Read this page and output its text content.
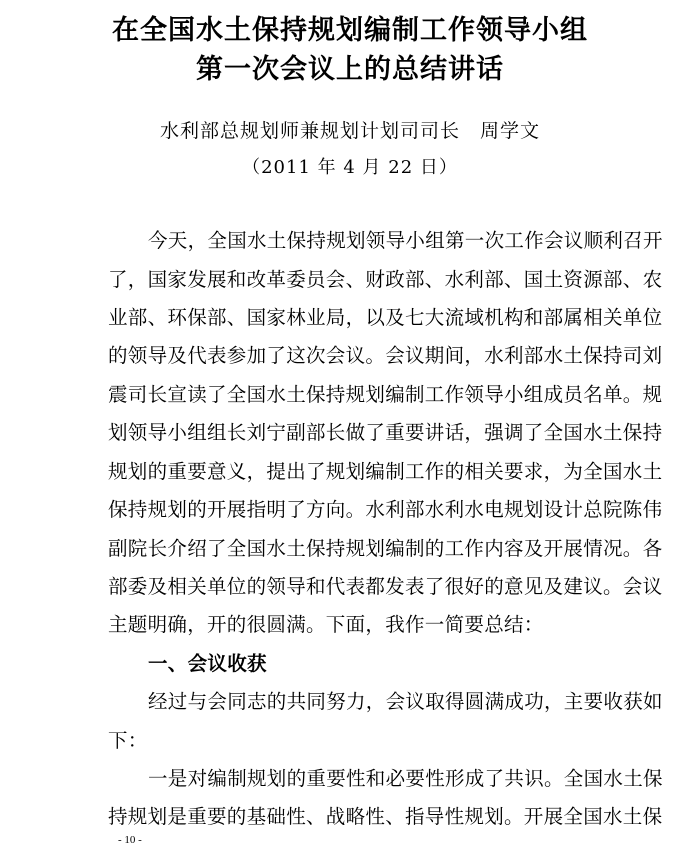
在全国水土保持规划编制工作领导小组
第一次会议上的总结讲话
水利部总规划师兼规划计划司司长　周学文
（2011 年 4 月 22 日）
今天，全国水土保持规划领导小组第一次工作会议顺利召开
了，国家发展和改革委员会、财政部、水利部、国土资源部、农
业部、环保部、国家林业局，以及七大流域机构和部属相关单位
的领导及代表参加了这次会议。会议期间，水利部水土保持司刘
震司长宣读了全国水土保持规划编制工作领导小组成员名单。规
划领导小组组长刘宁副部长做了重要讲话，强调了全国水土保持
规划的重要意义，提出了规划编制工作的相关要求，为全国水土
保持规划的开展指明了方向。水利部水利水电规划设计总院陈伟
副院长介绍了全国水土保持规划编制的工作内容及开展情况。各
部委及相关单位的领导和代表都发表了很好的意见及建议。会议
主题明确，开的很圆满。下面，我作一简要总结：
一、会议收获
经过与会同志的共同努力，会议取得圆满成功，主要收获如
下：
一是对编制规划的重要性和必要性形成了共识。全国水土保
持规划是重要的基础性、战略性、指导性规划。开展全国水土保
- 10 -
